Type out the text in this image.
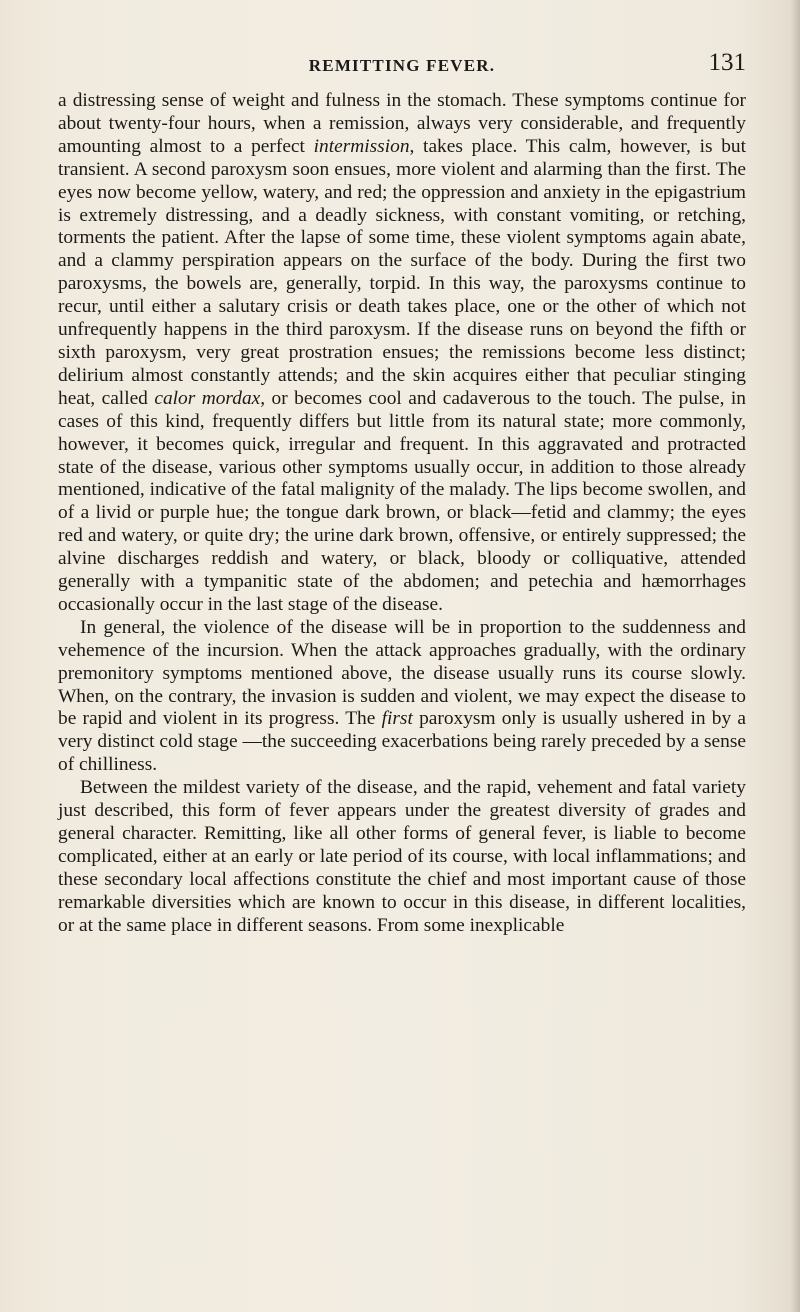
REMITTING FEVER.	131

a distressing sense of weight and fulness in the stomach. These symptoms continue for about twenty-four hours, when a remission, always very considerable, and frequently amounting almost to a perfect intermission, takes place. This calm, however, is but transient. A second paroxysm soon ensues, more violent and alarming than the first. The eyes now become yellow, watery, and red; the oppression and anxiety in the epigastrium is extremely distressing, and a deadly sickness, with constant vomiting, or retching, torments the patient. After the lapse of some time, these violent symptoms again abate, and a clammy perspiration appears on the surface of the body. During the first two paroxysms, the bowels are, generally, torpid. In this way, the paroxysms continue to recur, until either a salutary crisis or death takes place, one or the other of which not unfrequently happens in the third paroxysm. If the disease runs on beyond the fifth or sixth paroxysm, very great prostration ensues; the remissions become less distinct; delirium almost constantly attends; and the skin acquires either that peculiar stinging heat, called calor mordax, or becomes cool and cadaverous to the touch. The pulse, in cases of this kind, frequently differs but little from its natural state; more commonly, however, it becomes quick, irregular and frequent. In this aggravated and protracted state of the disease, various other symptoms usually occur, in addition to those already mentioned, indicative of the fatal malignity of the malady. The lips become swollen, and of a livid or purple hue; the tongue dark brown, or black—fetid and clammy; the eyes red and watery, or quite dry; the urine dark brown, offensive, or entirely suppressed; the alvine discharges reddish and watery, or black, bloody or colliquative, attended generally with a tympanitic state of the abdomen; and petechia and hæmorrhages occasionally occur in the last stage of the disease.

In general, the violence of the disease will be in proportion to the suddenness and vehemence of the incursion. When the attack approaches gradually, with the ordinary premonitory symptoms mentioned above, the disease usually runs its course slowly. When, on the contrary, the invasion is sudden and violent, we may expect the disease to be rapid and violent in its progress. The first paroxysm only is usually ushered in by a very distinct cold stage —the succeeding exacerbations being rarely preceded by a sense of chilliness.

Between the mildest variety of the disease, and the rapid, vehement and fatal variety just described, this form of fever appears under the greatest diversity of grades and general character. Remitting, like all other forms of general fever, is liable to become complicated, either at an early or late period of its course, with local inflammations; and these secondary local affections constitute the chief and most important cause of those remarkable diversities which are known to occur in this disease, in different localities, or at the same place in different seasons. From some inexplicable
